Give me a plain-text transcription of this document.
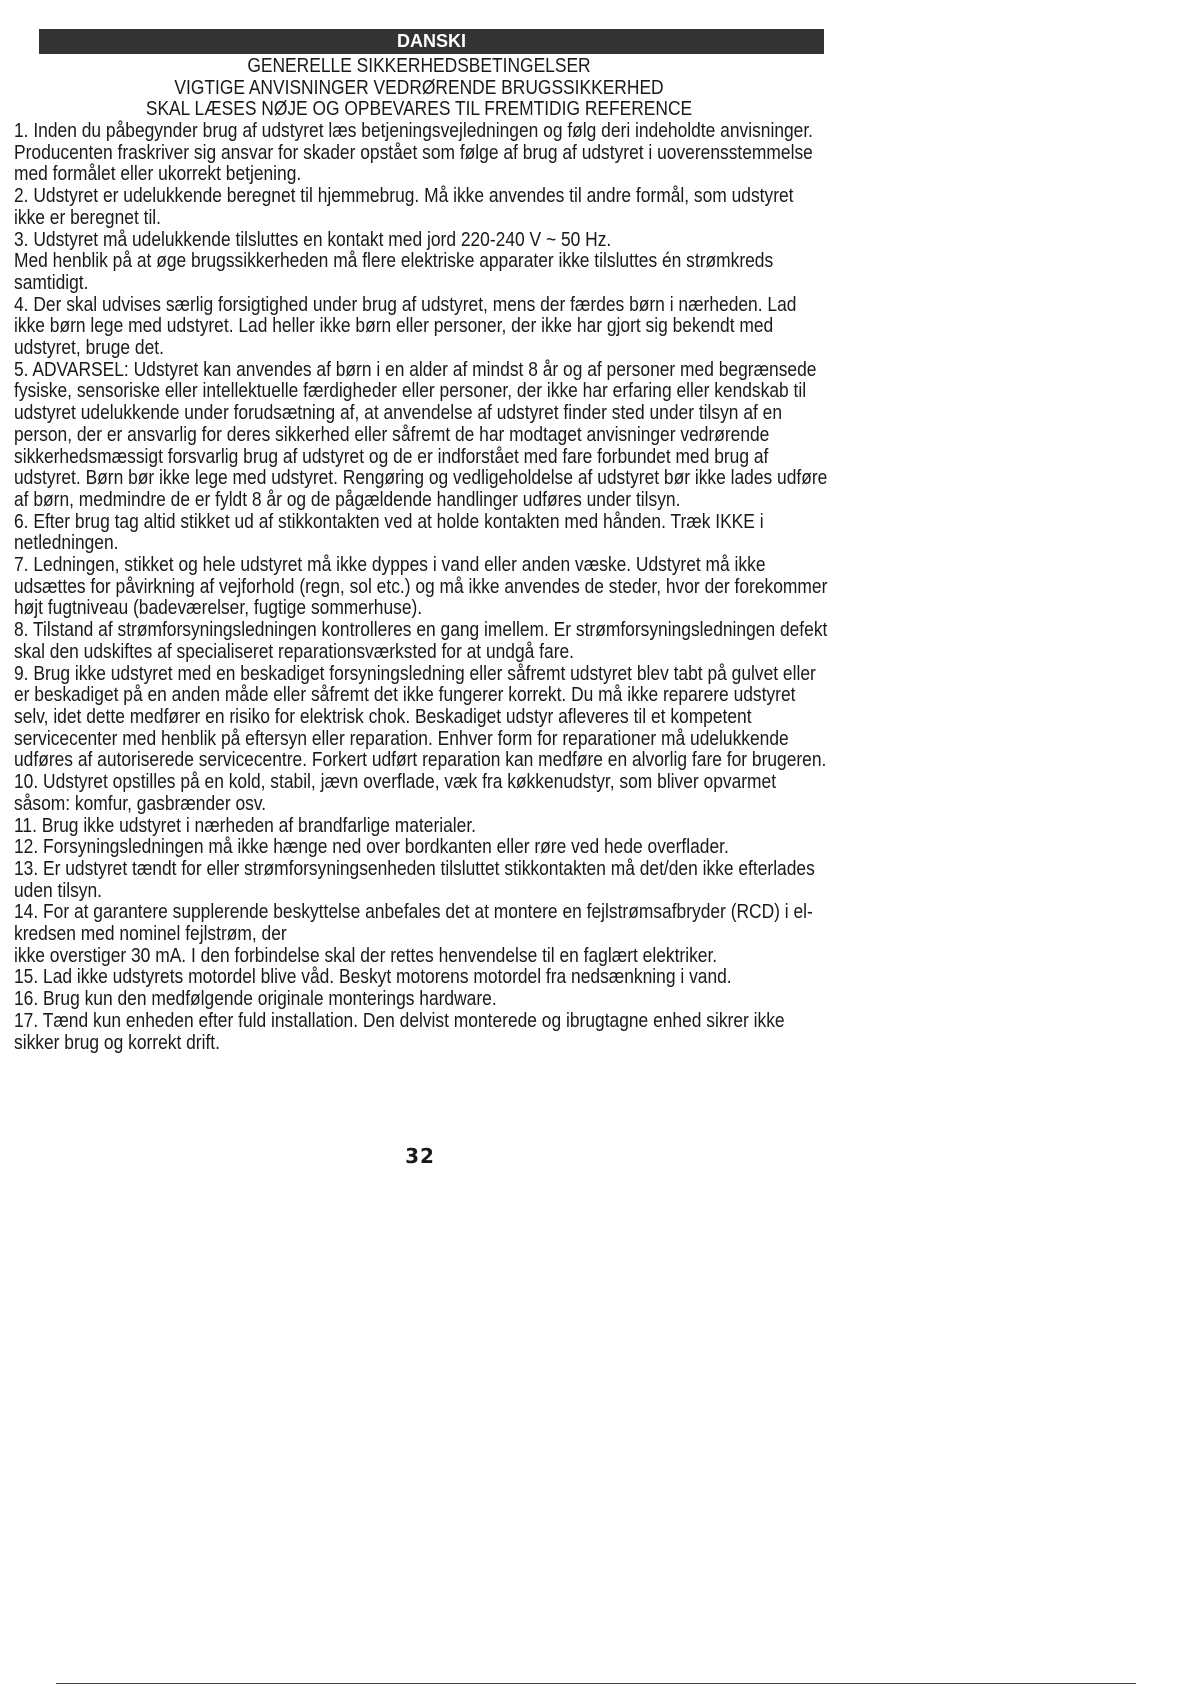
DANSKI
GENERELLE SIKKERHEDSBETINGELSER
VIGTIGE ANVISNINGER VEDRØRENDE BRUGSSIKKERHED
SKAL LÆSES NØJE OG OPBEVARES TIL FREMTIDIG REFERENCE

1. Inden du påbegynder brug af udstyret læs betjeningsvejledningen og følg deri indeholdte anvisninger. Producenten fraskriver sig ansvar for skader opstået som følge af brug af udstyret i uoverensstemmelse med formålet eller ukorrekt betjening.

2. Udstyret er udelukkende beregnet til hjemmebrug. Må ikke anvendes til andre formål, som udstyret ikke er beregnet til.

3. Udstyret må udelukkende tilsluttes en kontakt med jord 220-240 V ~ 50 Hz.

Med henblik på at øge brugssikkerheden må flere elektriske apparater ikke tilsluttes én strømkreds samtidigt.

4. Der skal udvises særlig forsigtighed under brug af udstyret, mens der færdes børn i nærheden. Lad ikke børn lege med udstyret. Lad heller ikke børn eller personer, der ikke har gjort sig bekendt med udstyret, bruge det.

5. ADVARSEL: Udstyret kan anvendes af børn i en alder af mindst 8 år og af personer med begrænsede fysiske, sensoriske eller intellektuelle færdigheder eller personer, der ikke har erfaring eller kendskab til udstyret udelukkende under forudsætning af, at anvendelse af udstyret finder sted under tilsyn af en person, der er ansvarlig for deres sikkerhed eller såfremt de har modtaget anvisninger vedrørende sikkerhedsmæssigt forsvarlig brug af udstyret og de er indforstået med fare forbundet med brug af udstyret. Børn bør ikke lege med udstyret. Rengøring og vedligeholdelse af udstyret bør ikke lades udføre af børn, medmindre de er fyldt 8 år og de pågældende handlinger udføres under tilsyn.

6. Efter brug tag altid stikket ud af stikkontakten ved at holde kontakten med hånden. Træk IKKE i netledningen.

7. Ledningen, stikket og hele udstyret må ikke dyppes i vand eller anden væske. Udstyret må ikke udsættes for påvirkning af vejforhold (regn, sol etc.) og må ikke anvendes de steder, hvor der forekommer højt fugtniveau (badeværelser, fugtige sommerhuse).

8. Tilstand af strømforsyningsledningen kontrolleres en gang imellem. Er strømforsyningsledningen defekt skal den udskiftes af specialiseret reparationsværksted for at undgå fare.

9. Brug ikke udstyret med en beskadiget forsyningsledning eller såfremt udstyret blev tabt på gulvet eller er beskadiget på en anden måde eller såfremt det ikke fungerer korrekt. Du må ikke reparere udstyret selv, idet dette medfører en risiko for elektrisk chok. Beskadiget udstyr afleveres til et kompetent servicecenter med henblik på eftersyn eller reparation. Enhver form for reparationer må udelukkende udføres af autoriserede servicecentre. Forkert udført reparation kan medføre en alvorlig fare for brugeren.

10. Udstyret opstilles på en kold, stabil, jævn overflade, væk fra køkkenudstyr, som bliver opvarmet såsom: komfur, gasbrænder osv.

11. Brug ikke udstyret i nærheden af brandfarlige materialer.

12. Forsyningsledningen må ikke hænge ned over bordkanten eller røre ved hede overflader.

13. Er udstyret tændt for eller strømforsyningsenheden tilsluttet stikkontakten må det/den ikke efterlades uden tilsyn.

14. For at garantere supplerende beskyttelse anbefales det at montere en fejlstrømsafbryder (RCD) i el-kredsen med nominel fejlstrøm, der

ikke overstiger 30 mA. I den forbindelse skal der rettes henvendelse til en faglært elektriker.

15. Lad ikke udstyrets motordel blive våd. Beskyt motorens motordel fra nedsænkning i vand.

16. Brug kun den medfølgende originale monterings hardware.

17. Tænd kun enheden efter fuld installation. Den delvist monterede og ibrugtagne enhed sikrer ikke sikker brug og korrekt drift.

32
